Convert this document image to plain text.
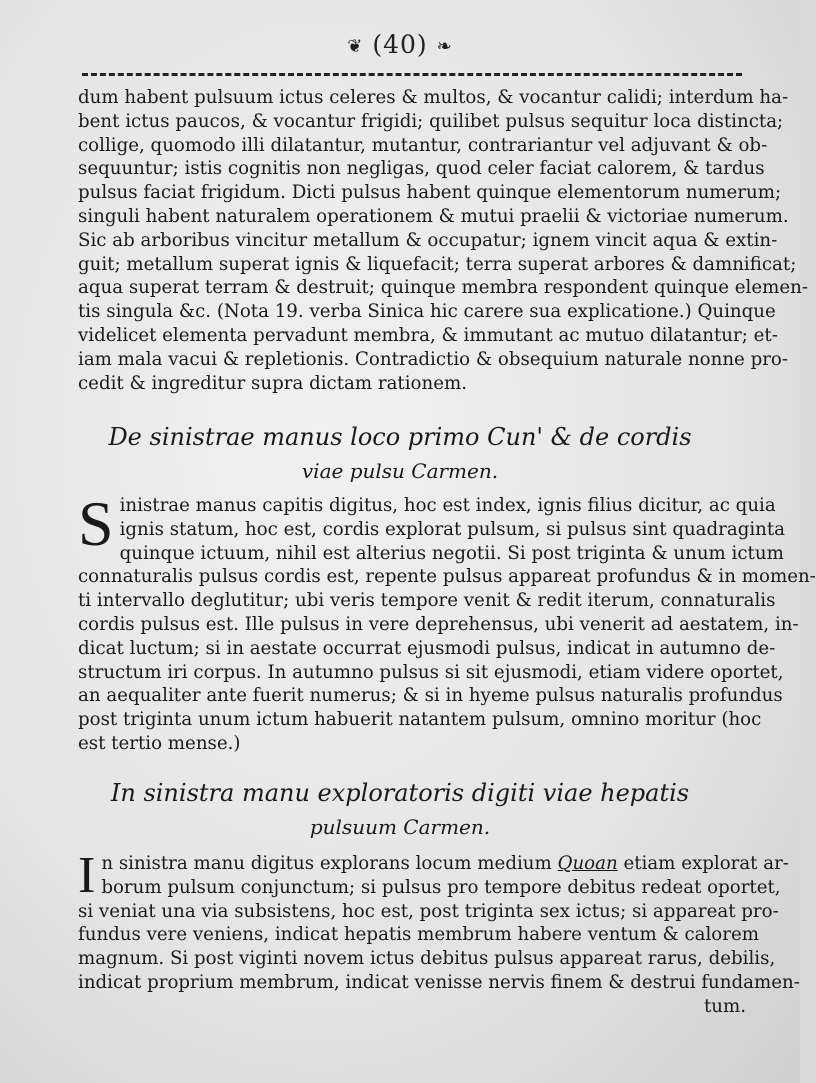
❦ (40) ❧
dum habent pulsuum ictus celeres & multos, & vocantur calidi; interdum ha-
bent ictus paucos, & vocantur frigidi; quilibet pulsus sequitur loca distincta;
collige, quomodo illi dilatantur, mutantur, contrariantur vel adjuvant & ob-
sequuntur; istis cognitis non negligas, quod celer faciat calorem, & tardus
pulsus faciat frigidum. Dicti pulsus habent quinque elementorum numerum;
singuli habent naturalem operationem & mutui praelii & victoriae numerum.
Sic ab arboribus vincitur metallum & occupatur; ignem vincit aqua & extin-
guit; metallum superat ignis & liquefacit; terra superat arbores & damnificat;
aqua superat terram & destruit; quinque membra respondent quinque elemen-
tis singula &c. (Nota 19. verba Sinica hic carere sua explicatione.) Quinque
videlicet elementa pervadunt membra, & immutant ac mutuo dilatantur; et-
iam mala vacui & repletionis. Contradictio & obsequium naturale nonne pro-
cedit & ingreditur supra dictam rationem.
De sinistrae manus loco primo Cun' & de cordis
viae pulsu Carmen.
S inistrae manus capitis digitus, hoc est index, ignis filius dicitur, ac quia
ignis statum, hoc est, cordis explorat pulsum, si pulsus sint quadraginta
quinque ictuum, nihil est alterius negotii. Si post triginta & unum ictum
connaturalis pulsus cordis est, repente pulsus appareat profundus & in momen-
ti intervallo deglutitur; ubi veris tempore venit & redit iterum, connaturalis
cordis pulsus est. Ille pulsus in vere deprehensus, ubi venerit ad aestatem, in-
dicat luctum; si in aestate occurrat ejusmodi pulsus, indicat in autumno de-
structum iri corpus. In autumno pulsus si sit ejusmodi, etiam videre oportet,
an aequaliter ante fuerit numerus; & si in hyeme pulsus naturalis profundus
post triginta unum ictum habuerit natantem pulsum, omnino moritur (hoc
est tertio mense.)
In sinistra manu exploratoris digiti viae hepatis
pulsuum Carmen.
I n sinistra manu digitus explorans locum medium Quoan etiam explorat ar-
borum pulsum conjunctum; si pulsus pro tempore debitus redeat oportet,
si veniat una via subsistens, hoc est, post triginta sex ictus; si appareat pro-
fundus vere veniens, indicat hepatis membrum habere ventum & calorem
magnum. Si post viginti novem ictus debitus pulsus appareat rarus, debilis,
indicat proprium membrum, indicat venisse nervis finem & destrui fundamen-
tum.
